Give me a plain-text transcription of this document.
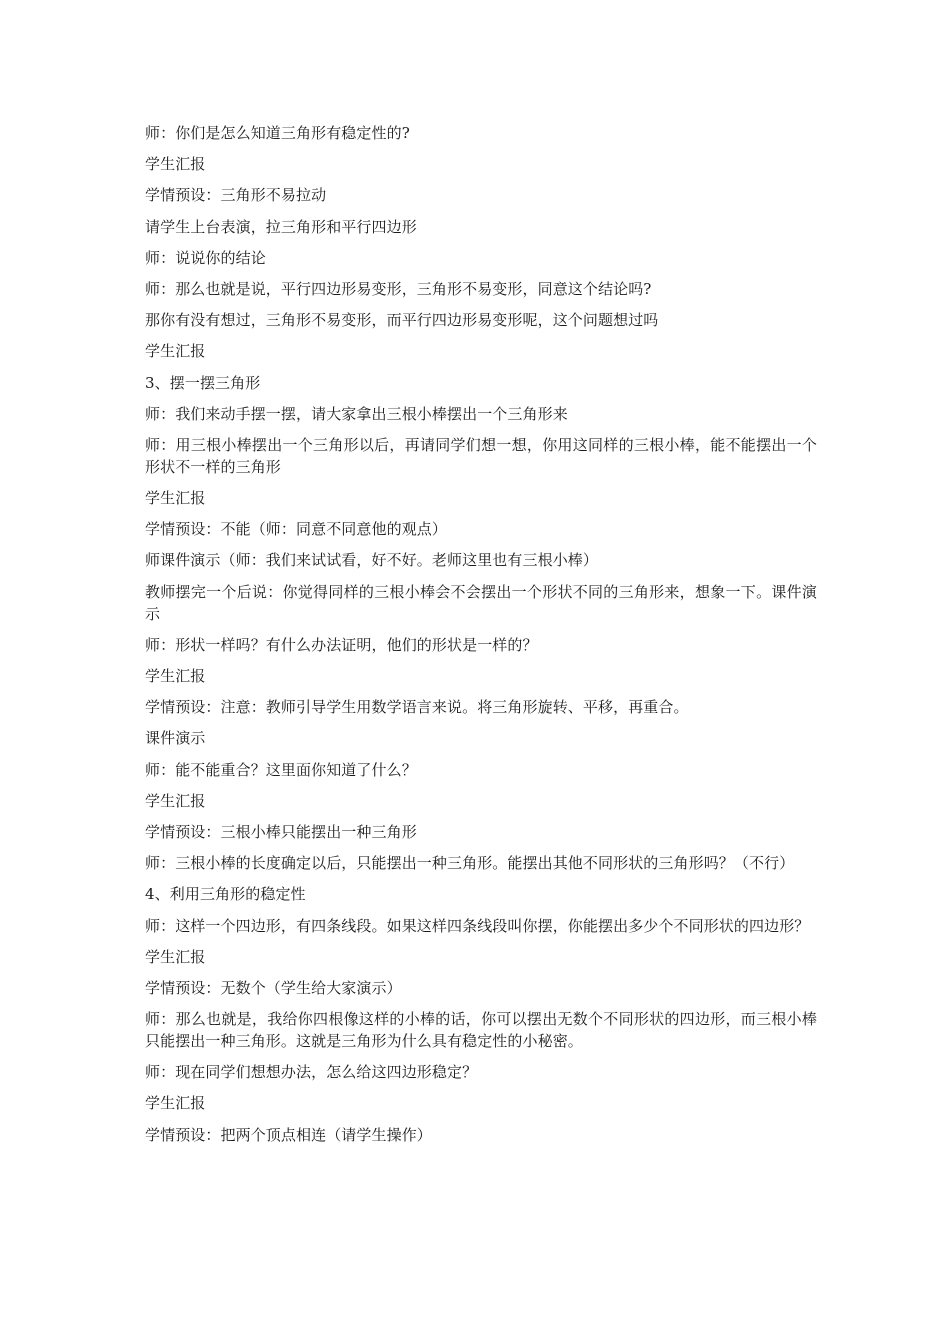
师：你们是怎么知道三角形有稳定性的?

学生汇报

学情预设：三角形不易拉动

请学生上台表演，拉三角形和平行四边形

师：说说你的结论

师：那么也就是说，平行四边形易变形，三角形不易变形，同意这个结论吗?

那你有没有想过，三角形不易变形，而平行四边形易变形呢，这个问题想过吗

学生汇报

3、摆一摆三角形

师：我们来动手摆一摆，请大家拿出三根小棒摆出一个三角形来

师：用三根小棒摆出一个三角形以后，再请同学们想一想，你用这同样的三根小棒，能不能摆出一个形状不一样的三角形

学生汇报

学情预设：不能（师：同意不同意他的观点）

师课件演示（师：我们来试试看，好不好。老师这里也有三根小棒）

教师摆完一个后说：你觉得同样的三根小棒会不会摆出一个形状不同的三角形来，想象一下。课件演示

师：形状一样吗？有什么办法证明，他们的形状是一样的？

学生汇报

学情预设：注意：教师引导学生用数学语言来说。将三角形旋转、平移，再重合。

课件演示

师：能不能重合？这里面你知道了什么？

学生汇报

学情预设：三根小棒只能摆出一种三角形

师：三根小棒的长度确定以后，只能摆出一种三角形。能摆出其他不同形状的三角形吗？（不行）

4、利用三角形的稳定性

师：这样一个四边形，有四条线段。如果这样四条线段叫你摆，你能摆出多少个不同形状的四边形？

学生汇报

学情预设：无数个（学生给大家演示）

师：那么也就是，我给你四根像这样的小棒的话，你可以摆出无数个不同形状的四边形，而三根小棒只能摆出一种三角形。这就是三角形为什么具有稳定性的小秘密。

师：现在同学们想想办法，怎么给这四边形稳定？

学生汇报

学情预设：把两个顶点相连（请学生操作）
